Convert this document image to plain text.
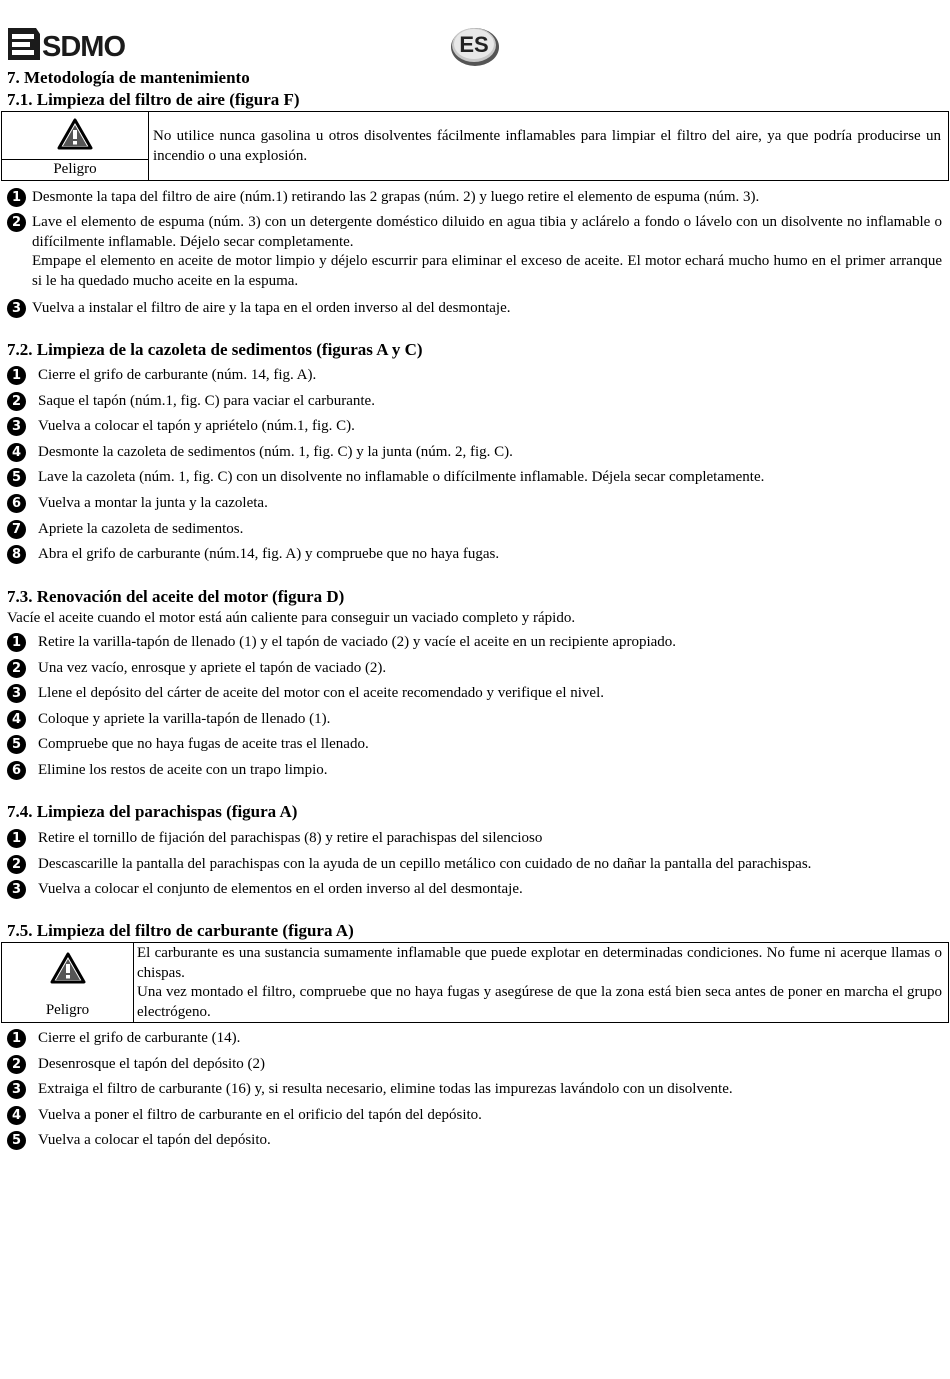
SDMO	ES
7. Metodología de mantenimiento
7.1. Limpieza del filtro de aire (figura F)
Peligro
No utilice nunca gasolina u otros disolventes fácilmente inflamables para limpiar el filtro del aire, ya que podría producirse un incendio o una explosión.
1 Desmonte la tapa del filtro de aire (núm.1) retirando las 2 grapas (núm. 2) y luego retire el elemento de espuma (núm. 3).
2 Lave el elemento de espuma (núm. 3) con un detergente doméstico diluido en agua tibia y aclárelo a fondo o lávelo con un disolvente no inflamable o difícilmente inflamable. Déjelo secar completamente.

Empape el elemento en aceite de motor limpio y déjelo escurrir para eliminar el exceso de aceite. El motor echará mucho humo en el primer arranque si le ha quedado mucho aceite en la espuma.

3 Vuelva a instalar el filtro de aire y la tapa en el orden inverso al del desmontaje.
7.2. Limpieza de la cazoleta de sedimentos (figuras A y C)
1	Cierre el grifo de carburante (núm. 14, fig. A).
2	Saque el tapón (núm.1, fig. C) para vaciar el carburante.
3	Vuelva a colocar el tapón y apriételo (núm.1, fig. C).
4	Desmonte la cazoleta de sedimentos (núm. 1, fig. C) y la junta (núm. 2, fig. C).
5	Lave la cazoleta (núm. 1, fig. C) con un disolvente no inflamable o difícilmente inflamable. Déjela secar completamente.
6	Vuelva a montar la junta y la cazoleta.
7	Apriete la cazoleta de sedimentos.
8	Abra el grifo de carburante (núm.14, fig. A) y compruebe que no haya fugas.
7.3. Renovación del aceite del motor (figura D)
Vacíe el aceite cuando el motor está aún caliente para conseguir un vaciado completo y rápido.
1	Retire la varilla-tapón de llenado (1) y el tapón de vaciado (2) y vacíe el aceite en un recipiente apropiado.
2	Una vez vacío, enrosque y apriete el tapón de vaciado (2).
3	Llene el depósito del cárter de aceite del motor con el aceite recomendado y verifique el nivel.
4	Coloque y apriete la varilla-tapón de llenado (1).
5	Compruebe que no haya fugas de aceite tras el llenado.
6	Elimine los restos de aceite con un trapo limpio.
7.4. Limpieza del parachispas (figura A)
1	Retire el tornillo de fijación del parachispas (8) y retire el parachispas del silencioso
2	Descascarille la pantalla del parachispas con la ayuda de un cepillo metálico con cuidado de no dañar la pantalla del parachispas.
3	Vuelva a colocar el conjunto de elementos en el orden inverso al del desmontaje.
7.5. Limpieza del filtro de carburante (figura A)
Peligro

El carburante es una sustancia sumamente inflamable que puede explotar en determinadas condiciones. No fume ni acerque llamas o chispas.

Una vez montado el filtro, compruebe que no haya fugas y asegúrese de que la zona está bien seca antes de poner en marcha el grupo electrógeno.

1	Cierre el grifo de carburante (14).
2	Desenrosque el tapón del depósito (2)
3	Extraiga el filtro de carburante (16) y, si resulta necesario, elimine todas las impurezas lavándolo con un disolvente.
4	Vuelva a poner el filtro de carburante en el orificio del tapón del depósito.
5	Vuelva a colocar el tapón del depósito.
